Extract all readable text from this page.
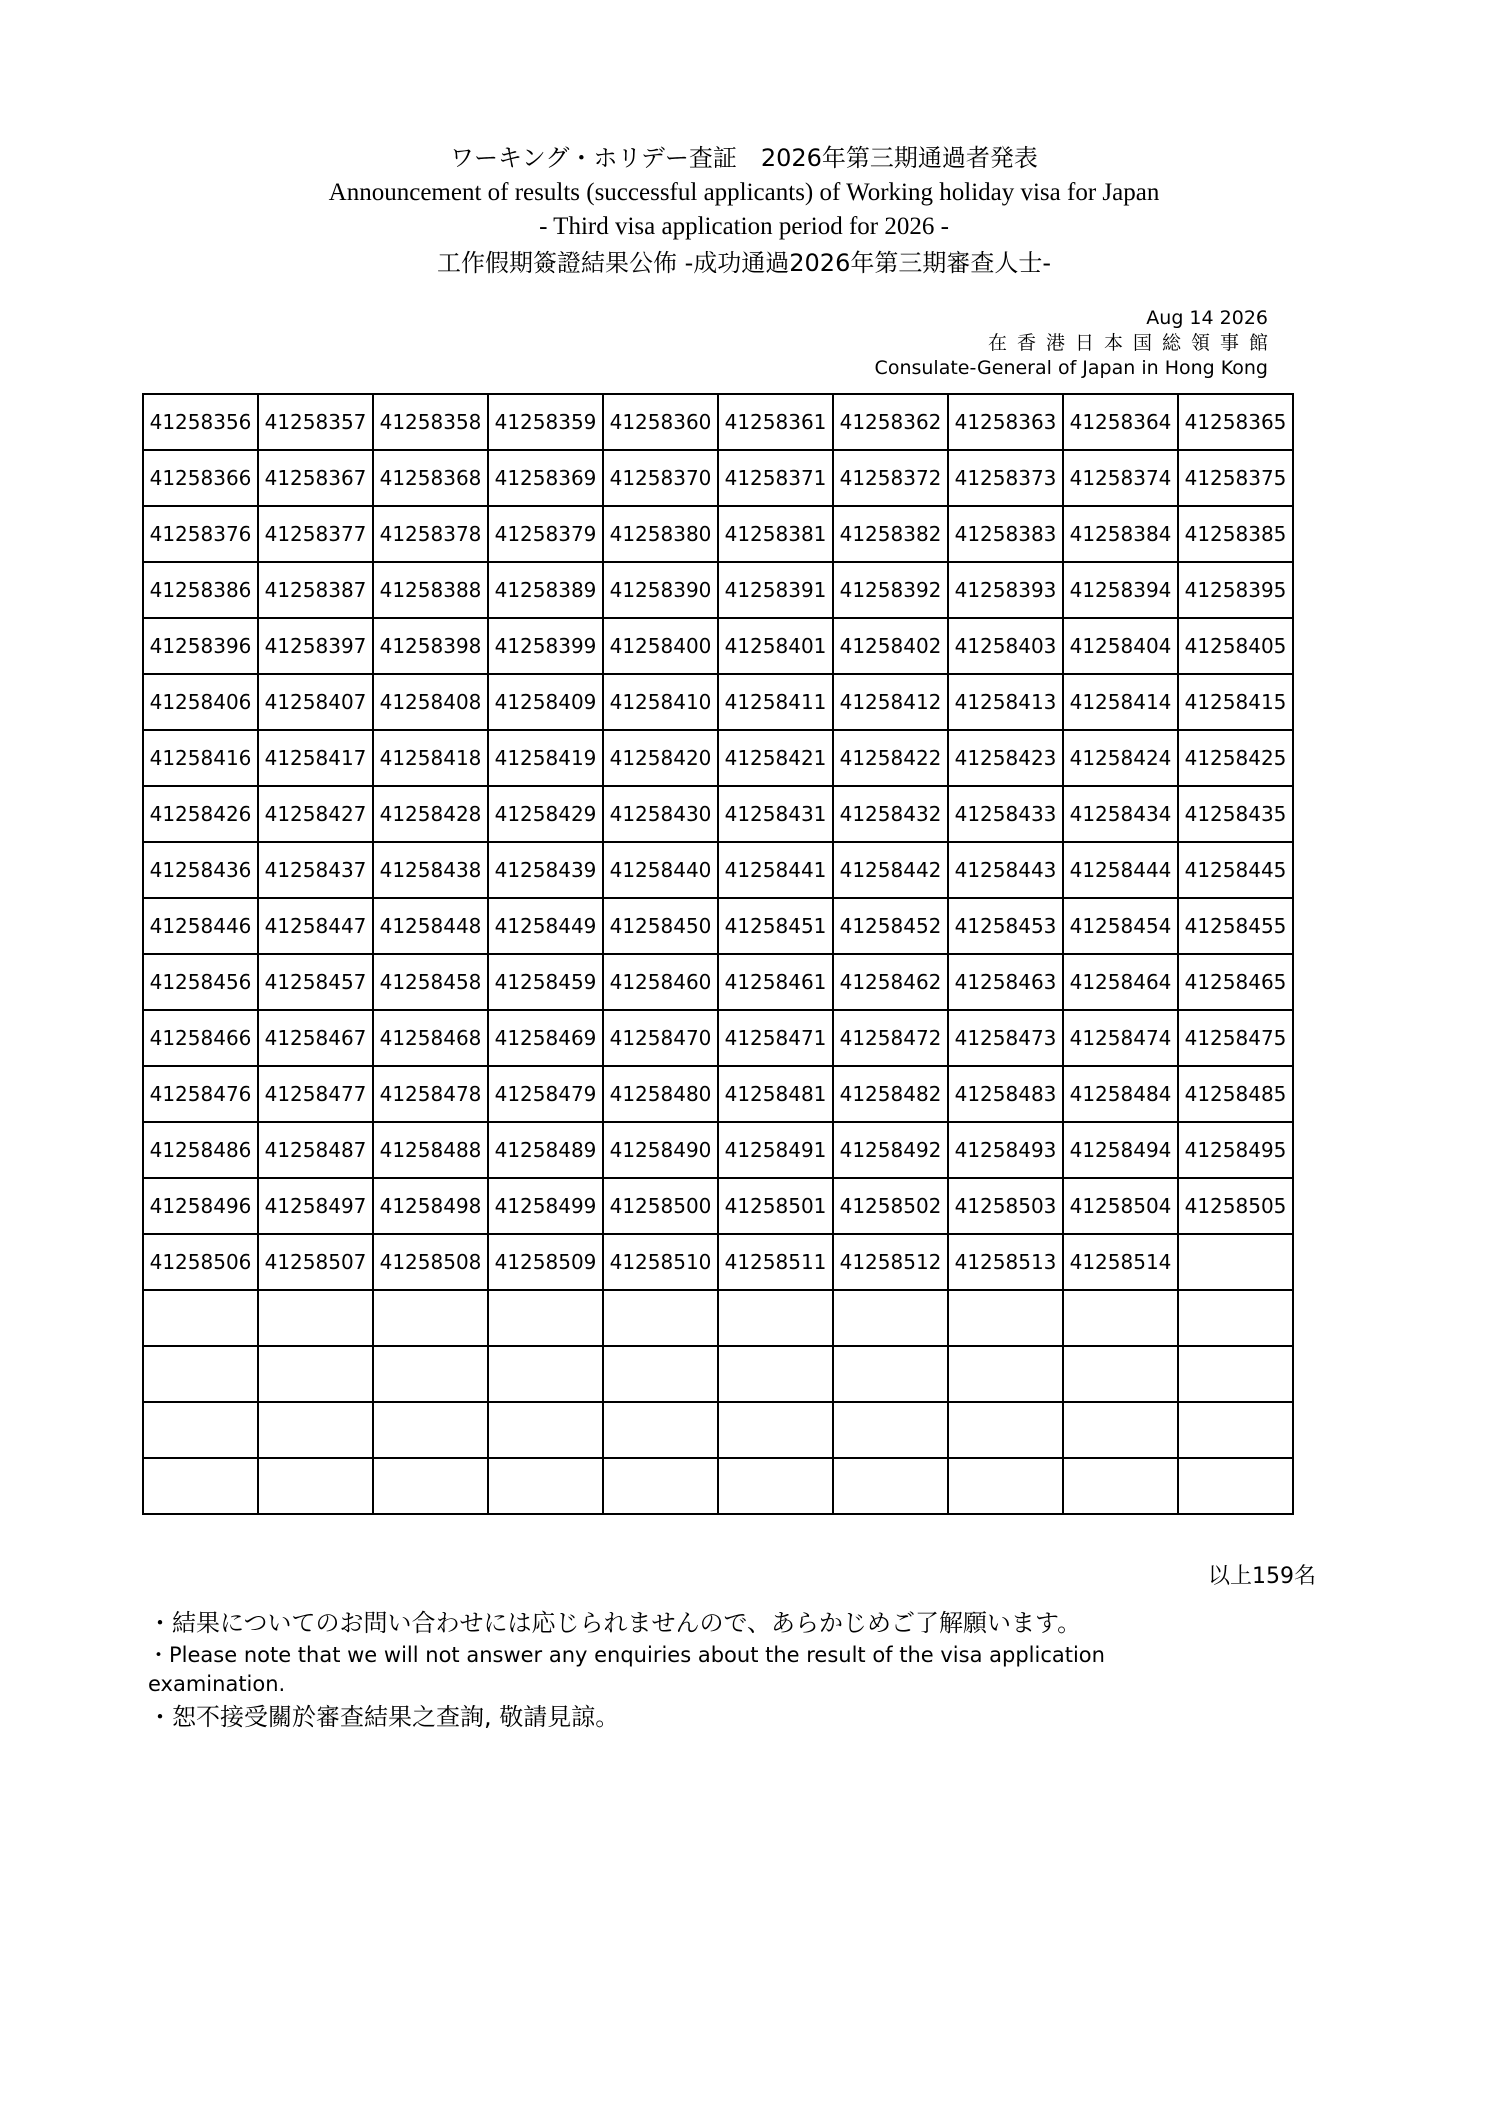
ワーキング・ホリデー査証　2026年第三期通過者発表

Announcement of results (successful applicants) of Working holiday visa for Japan

- Third visa application period for 2026 -

工作假期簽證結果公佈 -成功通過2026年第三期審查人士-

Aug 14 2026
在香港日本国総領事館
Consulate-General of Japan in Hong Kong
41258356	41258357	41258358	41258359	41258360	41258361	41258362	41258363	41258364	41258365
41258366	41258367	41258368	41258369	41258370	41258371	41258372	41258373	41258374	41258375
41258376	41258377	41258378	41258379	41258380	41258381	41258382	41258383	41258384	41258385
41258386	41258387	41258388	41258389	41258390	41258391	41258392	41258393	41258394	41258395
41258396	41258397	41258398	41258399	41258400	41258401	41258402	41258403	41258404	41258405
41258406	41258407	41258408	41258409	41258410	41258411	41258412	41258413	41258414	41258415
41258416	41258417	41258418	41258419	41258420	41258421	41258422	41258423	41258424	41258425
41258426	41258427	41258428	41258429	41258430	41258431	41258432	41258433	41258434	41258435
41258436	41258437	41258438	41258439	41258440	41258441	41258442	41258443	41258444	41258445
41258446	41258447	41258448	41258449	41258450	41258451	41258452	41258453	41258454	41258455
41258456	41258457	41258458	41258459	41258460	41258461	41258462	41258463	41258464	41258465
41258466	41258467	41258468	41258469	41258470	41258471	41258472	41258473	41258474	41258475
41258476	41258477	41258478	41258479	41258480	41258481	41258482	41258483	41258484	41258485
41258486	41258487	41258488	41258489	41258490	41258491	41258492	41258493	41258494	41258495
41258496	41258497	41258498	41258499	41258500	41258501	41258502	41258503	41258504	41258505
41258506	41258507	41258508	41258509	41258510	41258511	41258512	41258513	41258514	

以上159名
・結果についてのお問い合わせには応じられませんので、あらかじめご了解願います。
・Please note that we will not answer any enquiries about the result of the visa application examination.
・恕不接受關於審查結果之查詢, 敬請見諒。
